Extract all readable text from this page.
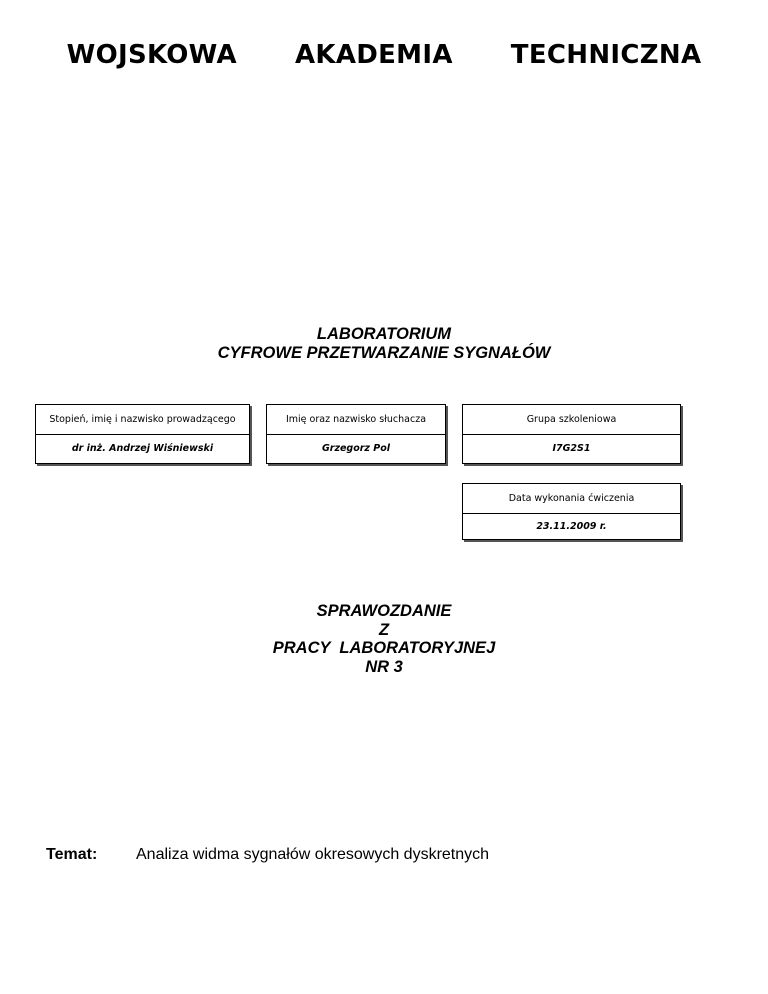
WOJSKOWA   AKADEMIA   TECHNICZNA
LABORATORIUM
CYFROWE PRZETWARZANIE SYGNAŁÓW
Stopień, imię i nazwisko prowadzącego
dr inż. Andrzej Wiśniewski
Imię oraz nazwisko słuchacza
Grzegorz Pol
Grupa szkoleniowa
I7G2S1
Data wykonania ćwiczenia
23.11.2009 r.
SPRAWOZDANIE
Z
PRACY  LABORATORYJNEJ
NR 3
Temat: Analiza widma sygnałów okresowych dyskretnych
